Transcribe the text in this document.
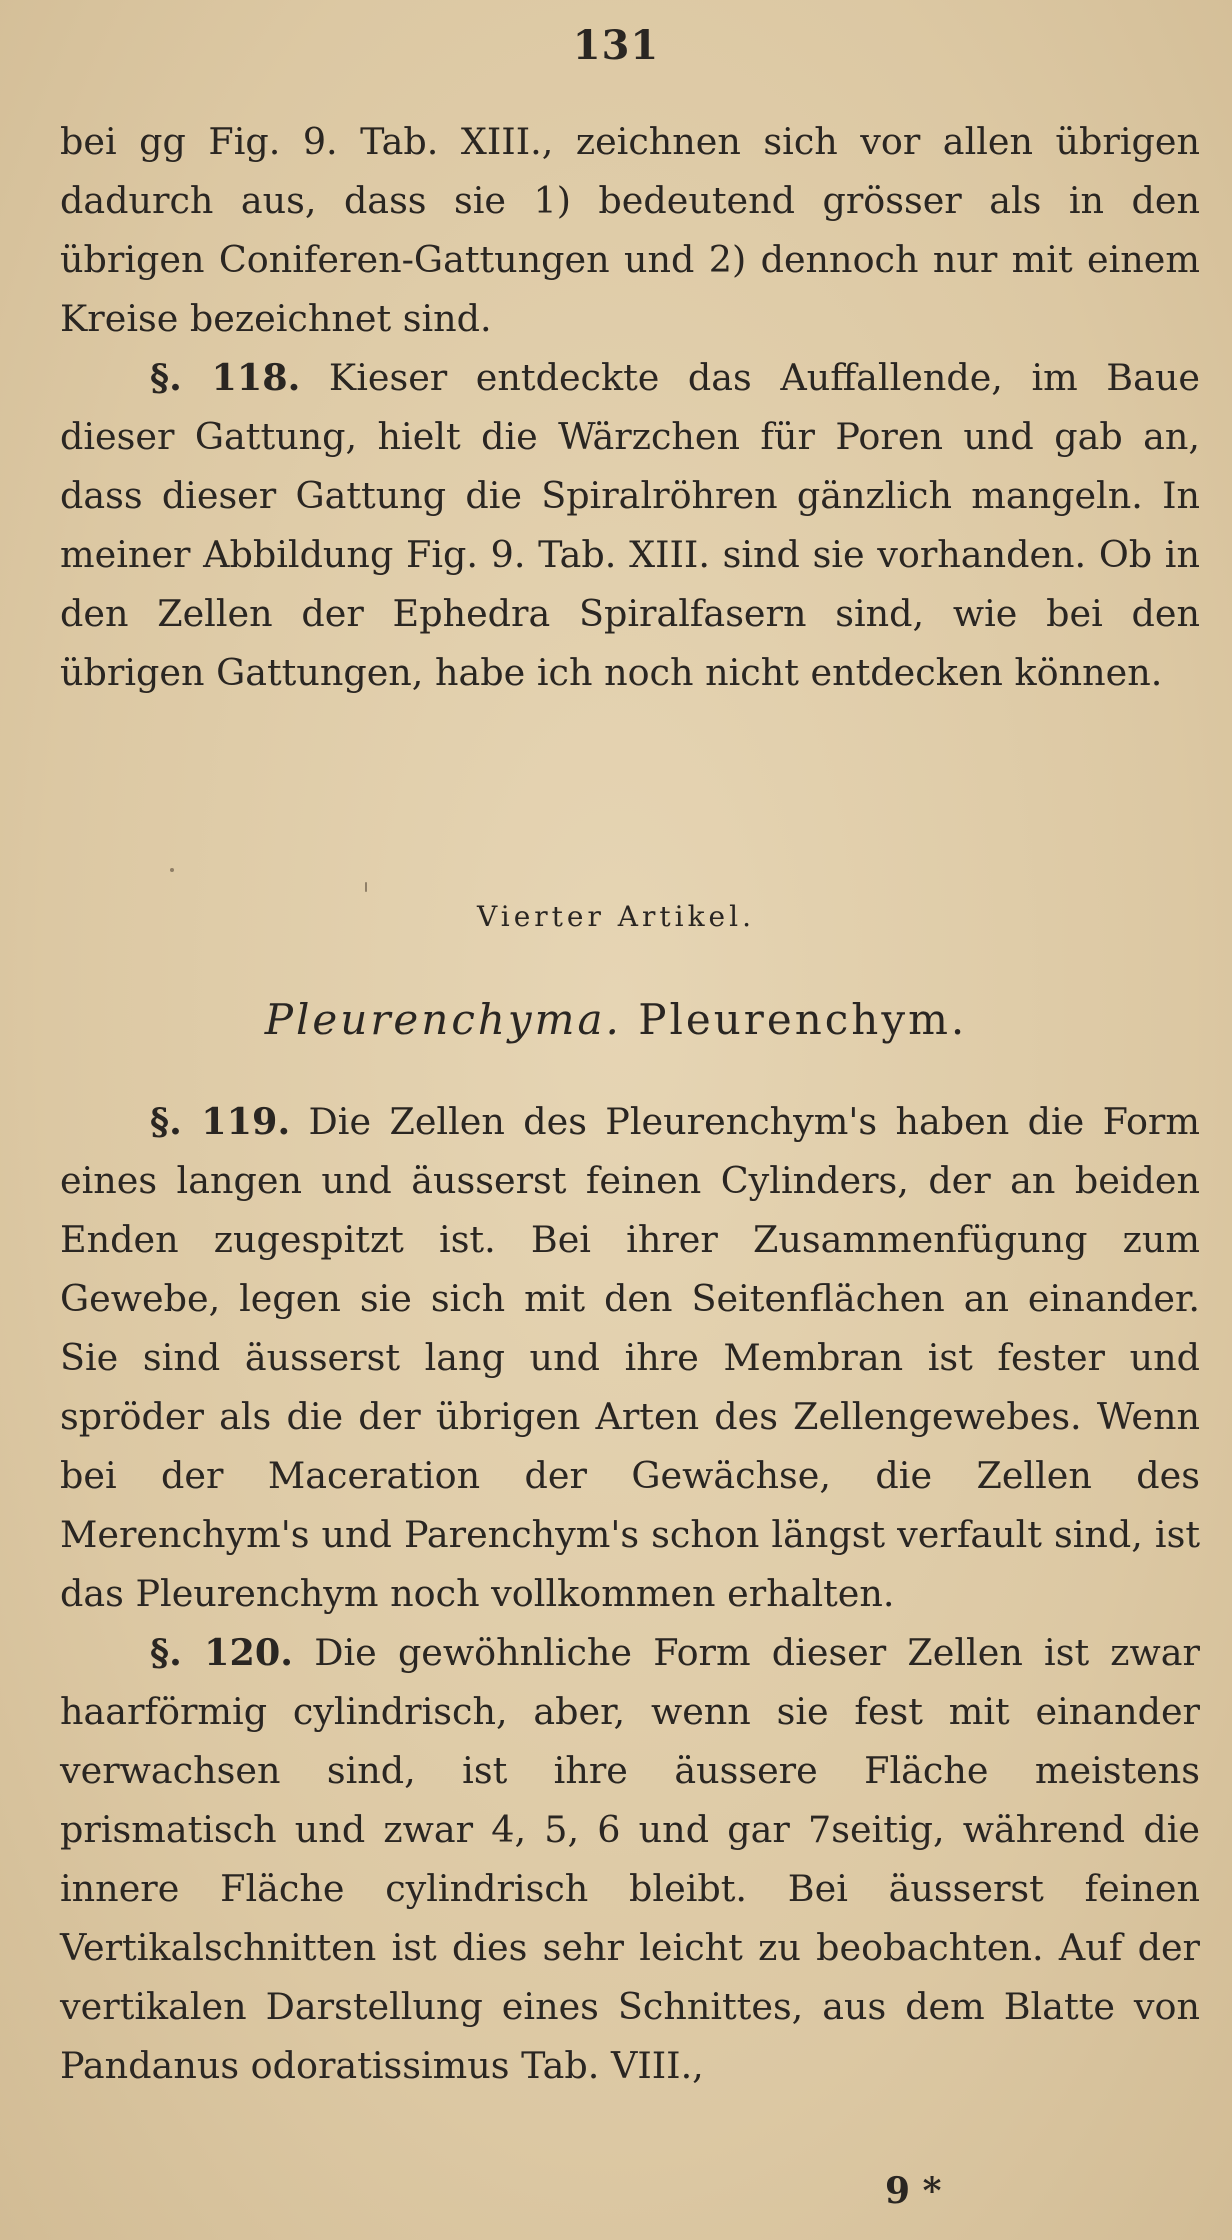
131

bei gg Fig. 9. Tab. XIII., zeichnen sich vor allen übrigen dadurch aus, dass sie 1) bedeutend grösser als in den übrigen Coniferen-Gattungen und 2) dennoch nur mit einem Kreise bezeichnet sind.

§. 118. Kieser entdeckte das Auffallende, im Baue dieser Gattung, hielt die Wärzchen für Poren und gab an, dass dieser Gattung die Spiralröhren gänzlich mangeln. In meiner Abbildung Fig. 9. Tab. XIII. sind sie vorhanden. Ob in den Zellen der Ephedra Spiralfasern sind, wie bei den übrigen Gattungen, habe ich noch nicht entdecken können.

Vierter Artikel.
Pleurenchyma. Pleurenchym.

§. 119. Die Zellen des Pleurenchym's haben die Form eines langen und äusserst feinen Cylinders, der an beiden Enden zugespitzt ist. Bei ihrer Zusammenfügung zum Gewebe, legen sie sich mit den Seitenflächen an einander. Sie sind äusserst lang und ihre Membran ist fester und spröder als die der übrigen Arten des Zellengewebes. Wenn bei der Maceration der Gewächse, die Zellen des Merenchym's und Parenchym's schon längst verfault sind, ist das Pleurenchym noch vollkommen erhalten.

§. 120. Die gewöhnliche Form dieser Zellen ist zwar haarförmig cylindrisch, aber, wenn sie fest mit einander verwachsen sind, ist ihre äussere Fläche meistens prismatisch und zwar 4, 5, 6 und gar 7seitig, während die innere Fläche cylindrisch bleibt. Bei äusserst feinen Vertikalschnitten ist dies sehr leicht zu beobachten. Auf der vertikalen Darstellung eines Schnittes, aus dem Blatte von Pandanus odoratissimus Tab. VIII.,

9 *
